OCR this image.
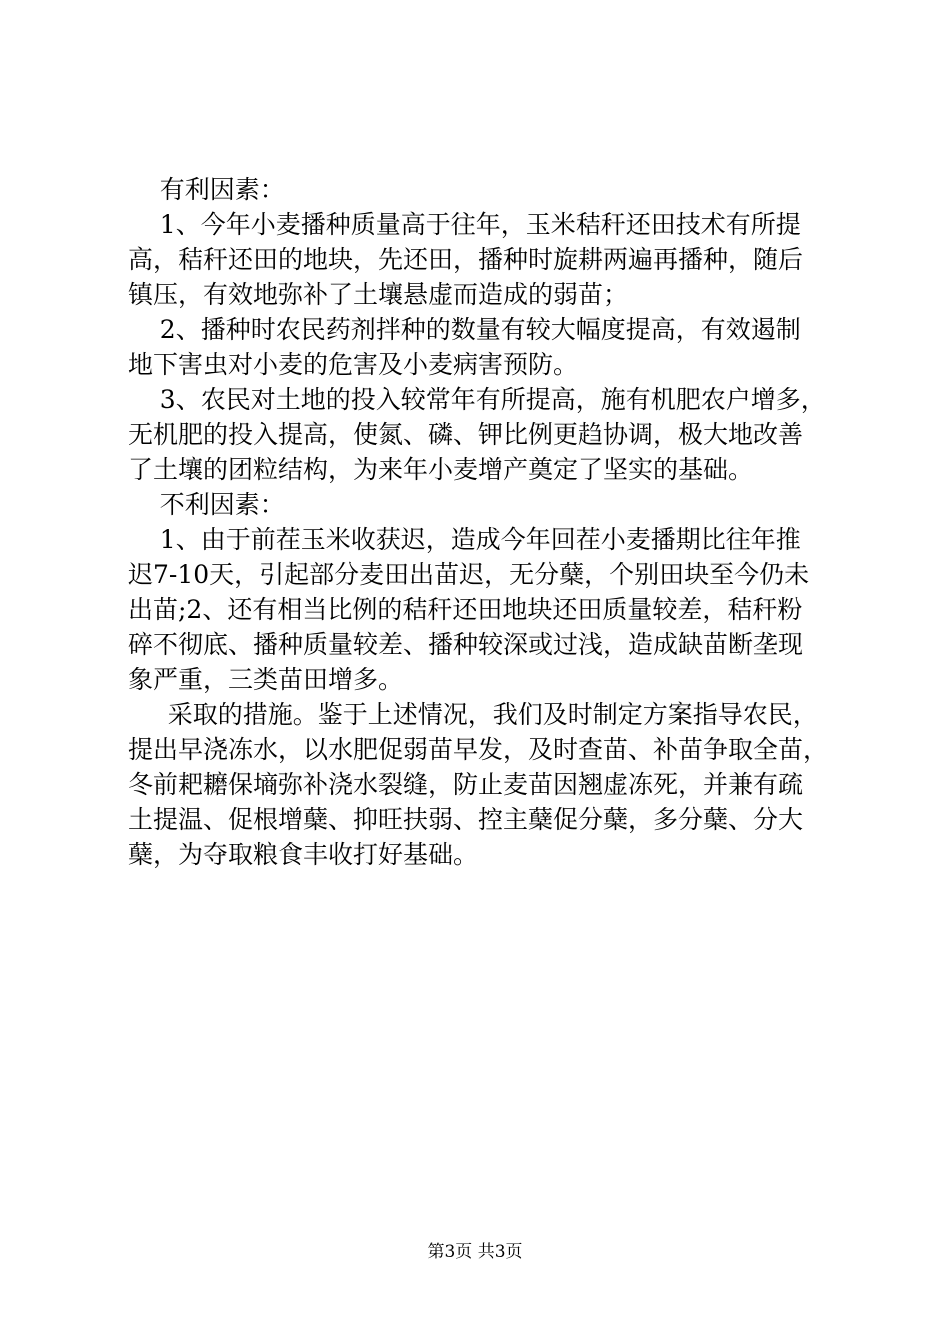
有利因素：
1、今年小麦播种质量高于往年，玉米秸秆还田技术有所提
高，秸秆还田的地块，先还田，播种时旋耕两遍再播种，随后
镇压，有效地弥补了土壤悬虚而造成的弱苗；
2、播种时农民药剂拌种的数量有较大幅度提高，有效遏制
地下害虫对小麦的危害及小麦病害预防。
3、农民对土地的投入较常年有所提高，施有机肥农户增多，
无机肥的投入提高，使氮、磷、钾比例更趋协调，极大地改善
了土壤的团粒结构，为来年小麦增产奠定了坚实的基础。
不利因素：
1、由于前茬玉米收获迟，造成今年回茬小麦播期比往年推
迟7-10天，引起部分麦田出苗迟，无分蘖，个别田块至今仍未
出苗;2、还有相当比例的秸秆还田地块还田质量较差，秸秆粉
碎不彻底、播种质量较差、播种较深或过浅，造成缺苗断垄现
象严重，三类苗田增多。
采取的措施。鉴于上述情况，我们及时制定方案指导农民，
提出早浇冻水，以水肥促弱苗早发，及时查苗、补苗争取全苗，
冬前耙耱保墒弥补浇水裂缝，防止麦苗因翘虚冻死，并兼有疏
土提温、促根增蘖、抑旺扶弱、控主蘖促分蘖，多分蘖、分大
蘖，为夺取粮食丰收打好基础。
第3页 共3页
